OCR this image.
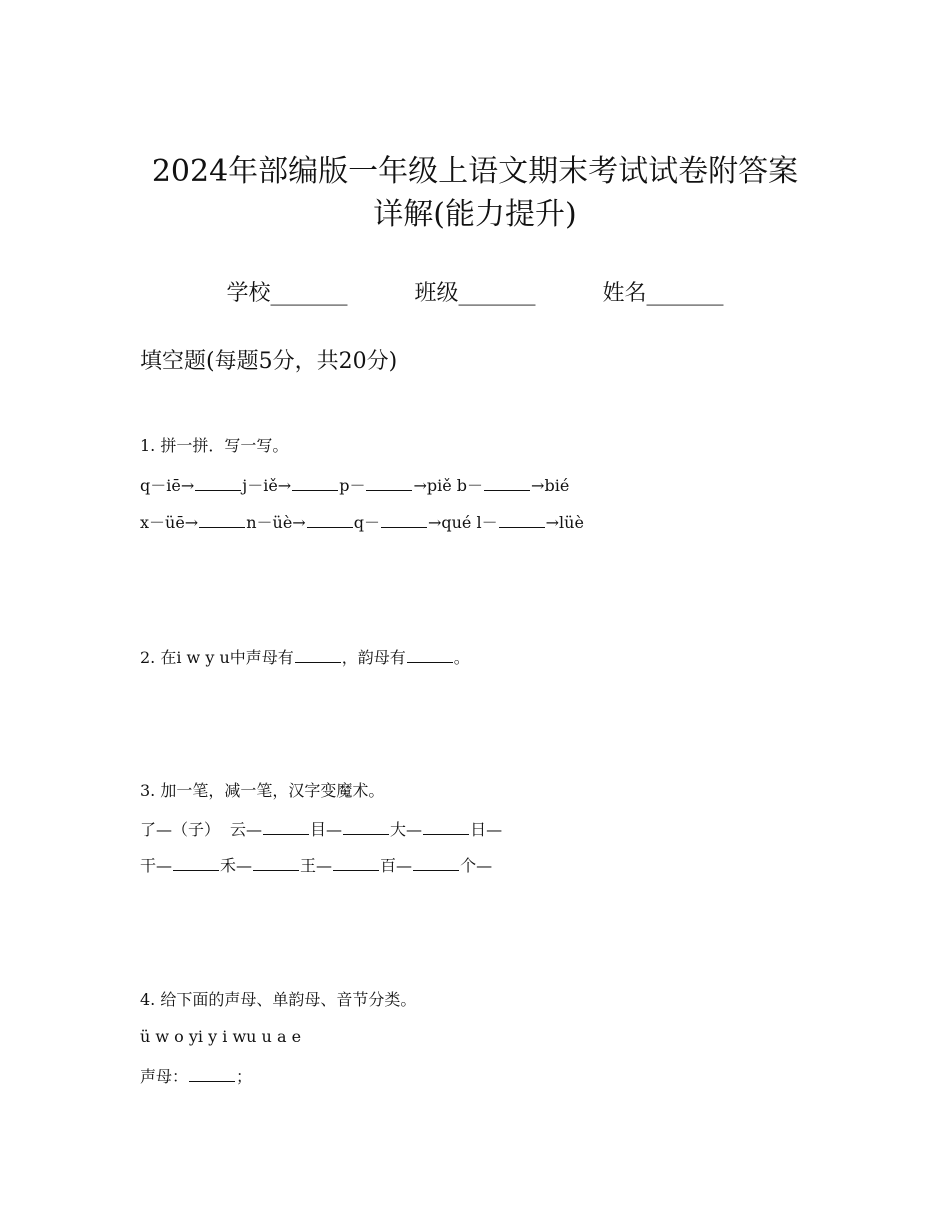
2024年部编版一年级上语文期末考试试卷附答案
详解(能力提升)
学校_______	班级_______	姓名_______
填空题(每题5分，共20分)
1. 拼一拼．写一写。
q－iē→	j－iě→	p－	→piě b－	→bié
x－üē→	n－üè→	q－	→qué l－	→lüè
2. 在i w y u中声母有	，韵母有	。
3. 加一笔，减一笔，汉字变魔术。
了—（子） 云—	目—	大—	日—
干—	禾—	王—	百—	个—
4. 给下面的声母、单韵母、音节分类。
ü w o yi y i wu u a e
声母：	；
